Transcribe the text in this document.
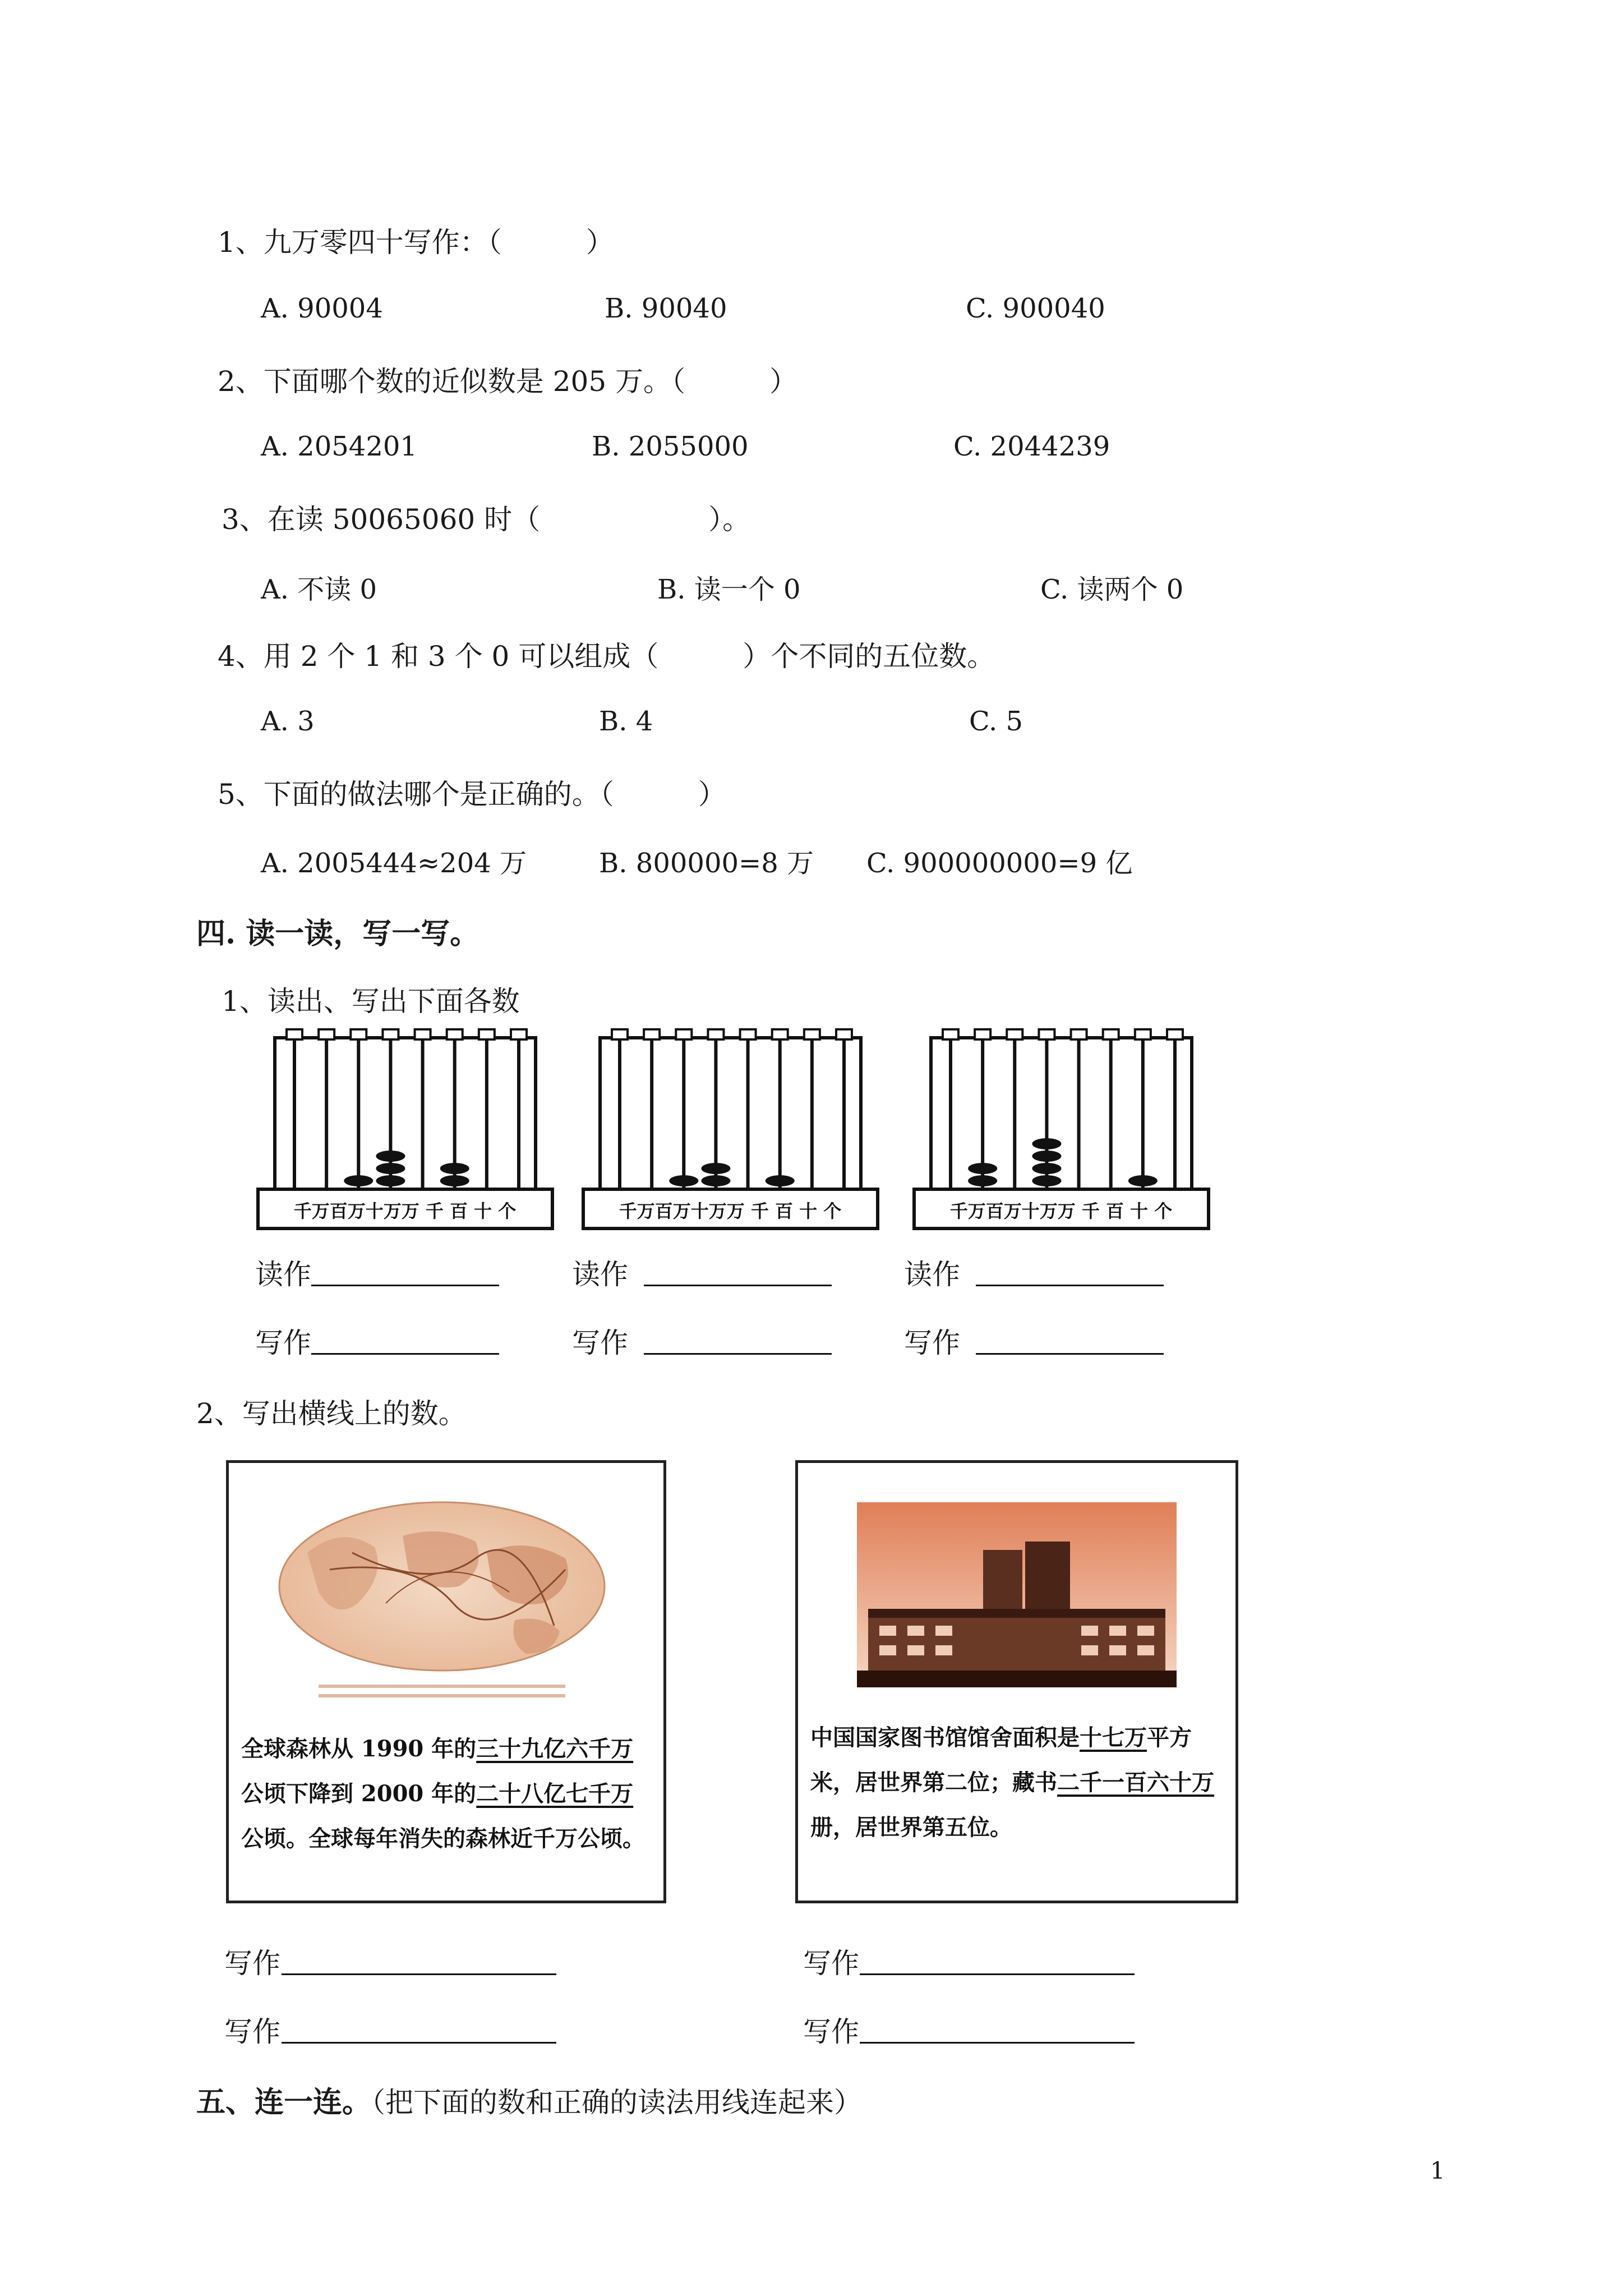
1、九万零四十写作：（　　　）
A. 90004	B. 90040	C. 900040
2、下面哪个数的近似数是 205 万。（　　　）
A. 2054201	B. 2055000	C. 2044239
3、在读 50065060 时（　　　　　　）。
A. 不读 0	B. 读一个 0	C. 读两个 0
4、用 2 个 1 和 3 个 0 可以组成（　　　）个不同的五位数。
A. 3	B. 4	C. 5
5、下面的做法哪个是正确的。（　　　）
A. 2005444≈204 万	B. 800000=8 万 C. 900000000=9 亿
四. 读一读，写一写。
1、读出、写出下面各数
千万百万十万万 千 百 十 个	千万百万十万万 千 百 十 个	千万百万十万万 千 百 十 个
读作	读作	读作
写作	写作	写作
2、写出横线上的数。
全球森林从 1990 年的三十九亿六千万公顷下降到 2000 年的二十八亿七千万公顷。全球每年消失的森林近千万公顷。
中国国家图书馆馆舍面积是十七万平方米，居世界第二位；藏书二千一百六十万册，居世界第五位。
写作
写作
写作
写作
五、连一连。（把下面的数和正确的读法用线连起来）
1
